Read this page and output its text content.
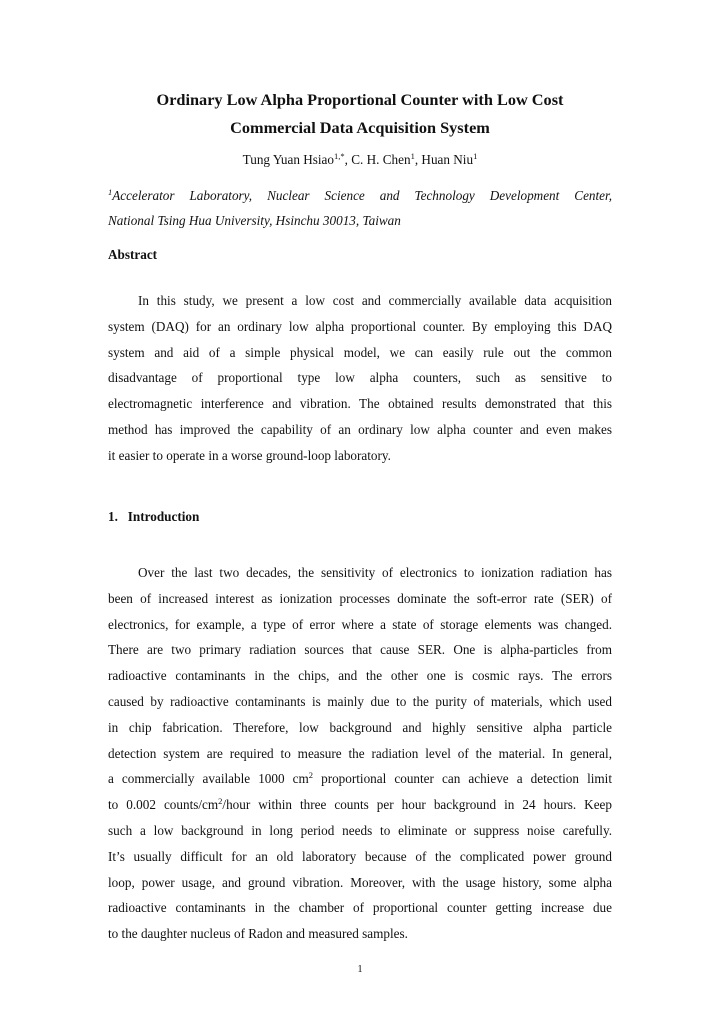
Ordinary Low Alpha Proportional Counter with Low Cost
Commercial Data Acquisition System
Tung Yuan Hsiao$^{1,*}$, C. H. Chen$^1$, Huan Niu$^1$
$^1$Accelerator Laboratory, Nuclear Science and Technology Development Center,
National Tsing Hua University, Hsinchu 30013, Taiwan
Abstract
In this study, we present a low cost and commercially available data acquisition
system (DAQ) for an ordinary low alpha proportional counter. By employing this DAQ
system and aid of a simple physical model, we can easily rule out the common
disadvantage of proportional type low alpha counters, such as sensitive to
electromagnetic interference and vibration. The obtained results demonstrated that this
method has improved the capability of an ordinary low alpha counter and even makes
it easier to operate in a worse ground-loop laboratory.
1.  Introduction
Over the last two decades, the sensitivity of electronics to ionization radiation has
been of increased interest as ionization processes dominate the soft-error rate (SER) of
electronics, for example, a type of error where a state of storage elements was changed.
There are two primary radiation sources that cause SER. One is alpha-particles from
radioactive contaminants in the chips, and the other one is cosmic rays. The errors
caused by radioactive contaminants is mainly due to the purity of materials, which used
in chip fabrication. Therefore, low background and highly sensitive alpha particle
detection system are required to measure the radiation level of the material. In general,
a commercially available 1000 $cm^2$ proportional counter can achieve a detection limit
to 0.002 counts/$cm^2$/hour within three counts per hour background in 24 hours. Keep
such a low background in long period needs to eliminate or suppress noise carefully.
It’s usually difficult for an old laboratory because of the complicated power ground
loop, power usage, and ground vibration. Moreover, with the usage history, some alpha
radioactive contaminants in the chamber of proportional counter getting increase due
to the daughter nucleus of Radon and measured samples.
1
